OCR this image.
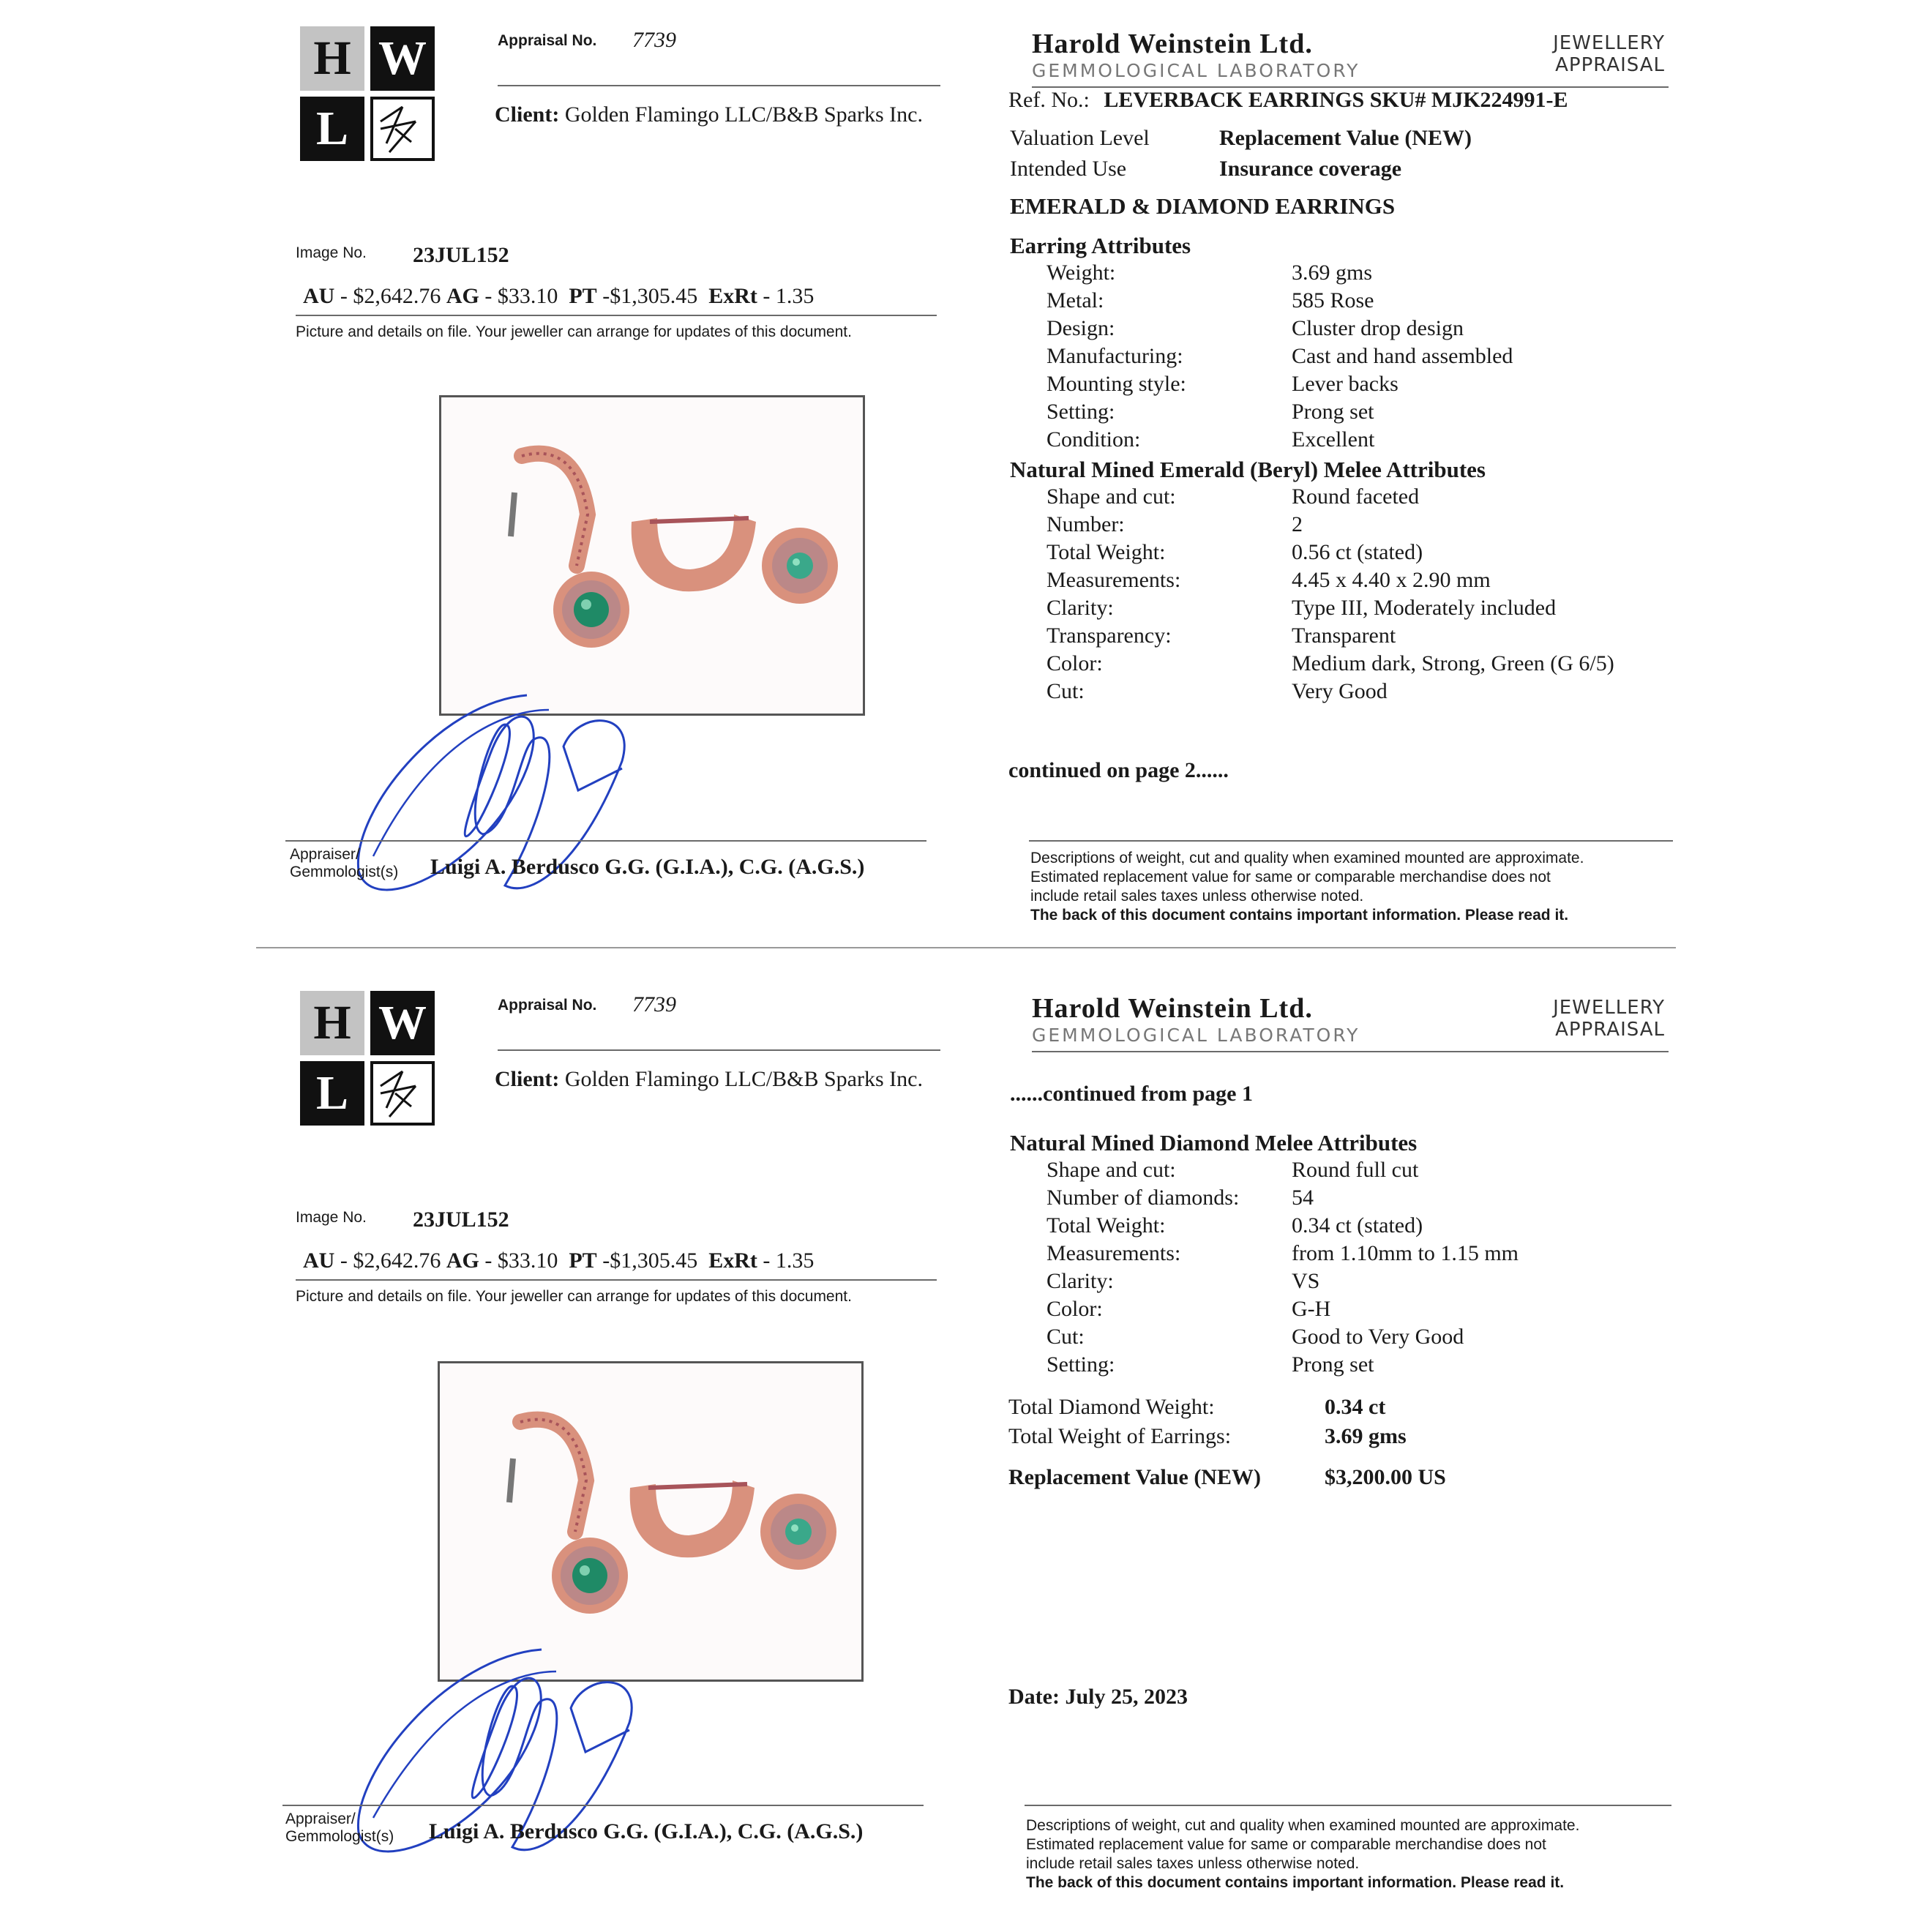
H W
L
Appraisal No. 7739
Client: Golden Flamingo LLC/B&B Sparks Inc.
Harold Weinstein Ltd.
GEMMOLOGICAL LABORATORY
JEWELLERY
APPRAISAL
Ref. No.: LEVERBACK EARRINGS SKU# MJK224991-E
Valuation Level	Replacement Value (NEW)
Intended Use	Insurance coverage
EMERALD & DIAMOND EARRINGS
Earring Attributes
Weight:	3.69 gms
Metal:	585 Rose
Design:	Cluster drop design
Manufacturing:	Cast and hand assembled
Mounting style:	Lever backs
Setting:	Prong set
Condition:	Excellent
Natural Mined Emerald (Beryl) Melee Attributes
Shape and cut:	Round faceted
Number:	2
Total Weight:	0.56 ct (stated)
Measurements:	4.45 x 4.40 x 2.90 mm
Clarity:	Type III, Moderately included
Transparency:	Transparent
Color:	Medium dark, Strong, Green (G 6/5)
Cut:	Very Good
continued on page 2......
Image No. 23JUL152
AU - $2,642.76 AG - $33.10 PT -$1,305.45 ExRt - 1.35
Picture and details on file. Your jeweller can arrange for updates of this document.
Appraiser/
Gemmologist(s) Luigi A. Berdusco G.G. (G.I.A.), C.G. (A.G.S.)	Descriptions of weight, cut and quality when examined mounted are approximate.
Estimated replacement value for same or comparable merchandise does not
include retail sales taxes unless otherwise noted.
The back of this document contains important information. Please read it.
H W
L
Appraisal No. 7739
Client: Golden Flamingo LLC/B&B Sparks Inc.
Harold Weinstein Ltd.
GEMMOLOGICAL LABORATORY
JEWELLERY
APPRAISAL
......continued from page 1
Natural Mined Diamond Melee Attributes
Shape and cut:	Round full cut
Number of diamonds: 54
Total Weight:	0.34 ct (stated)
Measurements:	from 1.10mm to 1.15 mm
Clarity:	VS
Color:	G-H
Cut:	Good to Very Good
Setting:	Prong set
Total Diamond Weight:	0.34 ct
Total Weight of Earrings:	3.69 gms
Replacement Value (NEW)	$3,200.00 US
Date: July 25, 2023
Image No. 23JUL152
AU - $2,642.76 AG - $33.10 PT -$1,305.45 ExRt - 1.35
Picture and details on file. Your jeweller can arrange for updates of this document.
Appraiser/
Gemmologist(s) Luigi A. Berdusco G.G. (G.I.A.), C.G. (A.G.S.)	Descriptions of weight, cut and quality when examined mounted are approximate.
Estimated replacement value for same or comparable merchandise does not
include retail sales taxes unless otherwise noted.
The back of this document contains important information. Please read it.
